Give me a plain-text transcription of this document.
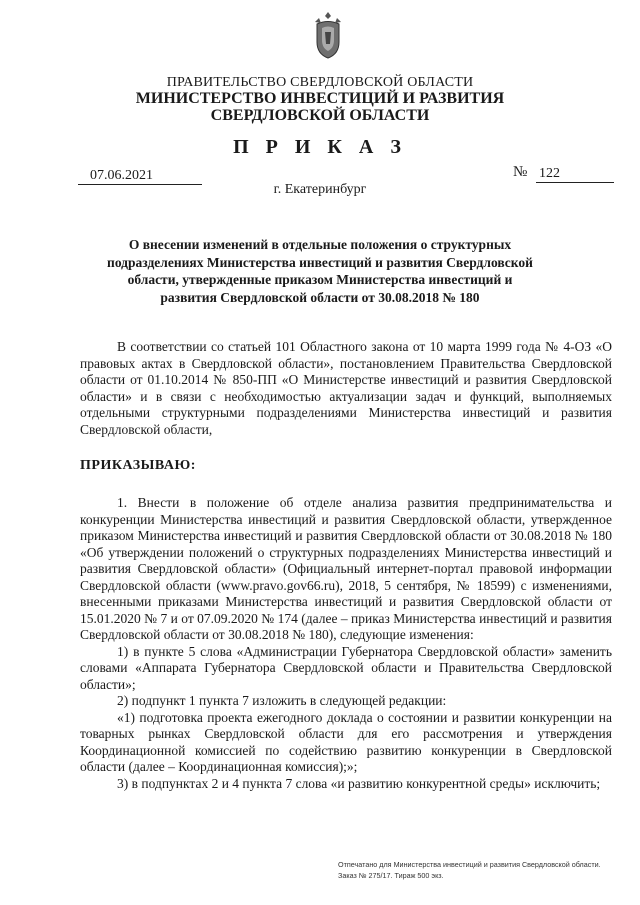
ПРАВИТЕЛЬСТВО СВЕРДЛОВСКОЙ ОБЛАСТИ
МИНИСТЕРСТВО ИНВЕСТИЦИЙ И РАЗВИТИЯ
СВЕРДЛОВСКОЙ ОБЛАСТИ
П Р И К А З
07.06.2021	№ 122
г. Екатеринбург
О внесении изменений в отдельные положения о структурных подразделениях Министерства инвестиций и развития Свердловской области, утвержденные приказом Министерства инвестиций и развития Свердловской области от 30.08.2018 № 180

В соответствии со статьей 101 Областного закона от 10 марта 1999 года № 4-ОЗ «О правовых актах в Свердловской области», постановлением Правительства Свердловской области от 01.10.2014 № 850-ПП «О Министерстве инвестиций и развития Свердловской области» и в связи с необходимостью актуализации задач и функций, выполняемых отдельными структурными подразделениями Министерства инвестиций и развития Свердловской области,

ПРИКАЗЫВАЮ:

1. Внести в положение об отделе анализа развития предпринимательства и конкуренции Министерства инвестиций и развития Свердловской области, утвержденное приказом Министерства инвестиций и развития Свердловской области от 30.08.2018 № 180 «Об утверждении положений о структурных подразделениях Министерства инвестиций и развития Свердловской области» (Официальный интернет-портал правовой информации Свердловской области (www.pravo.gov66.ru), 2018, 5 сентября, № 18599) с изменениями, внесенными приказами Министерства инвестиций и развития Свердловской области от 15.01.2020 № 7 и от 07.09.2020 № 174 (далее – приказ Министерства инвестиций и развития Свердловской области от 30.08.2018 № 180), следующие изменения:

1) в пункте 5 слова «Администрации Губернатора Свердловской области» заменить словами «Аппарата Губернатора Свердловской области и Правительства Свердловской области»;

2) подпункт 1 пункта 7 изложить в следующей редакции:

«1) подготовка проекта ежегодного доклада о состоянии и развитии конкуренции на товарных рынках Свердловской области для его рассмотрения и утверждения Координационной комиссией по содействию развитию конкуренции в Свердловской области (далее – Координационная комиссия);»;

3) в подпунктах 2 и 4 пункта 7 слова «и развитию конкурентной среды» исключить;

Отпечатано для Министерства инвестиций и развития Свердловской области.
Заказ № 275/17. Тираж 500 экз.
